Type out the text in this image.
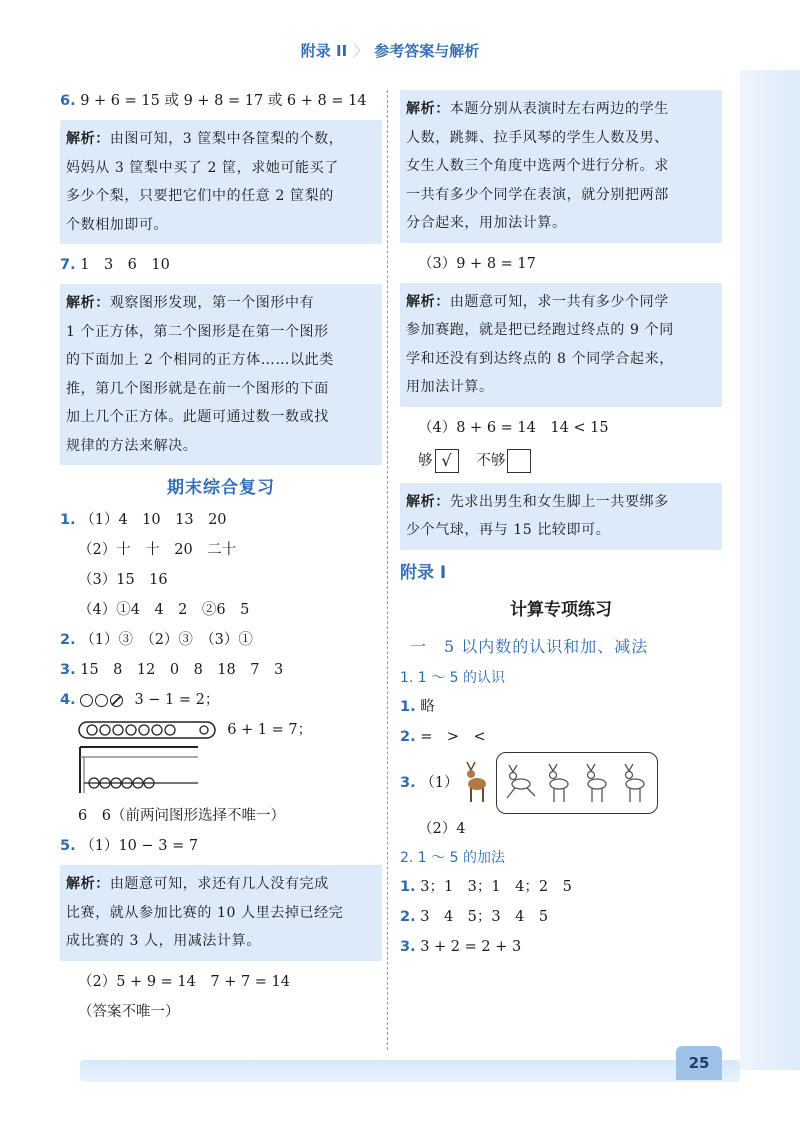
附录 II 〉 参考答案与解析
6. 9 + 6 = 15 或 9 + 8 = 17 或 6 + 8 = 14
解析：由图可知，3 筐梨中各筐梨的个数，
妈妈从 3 筐梨中买了 2 筐，求她可能买了
多少个梨，只要把它们中的任意 2 筐梨的
个数相加即可。
7. 1　3　6　10
解析：观察图形发现，第一个图形中有
1 个正方体，第二个图形是在第一个图形
的下面加上 2 个相同的正方体……以此类
推，第几个图形就是在前一个图形的下面
加上几个正方体。此题可通过数一数或找
规律的方法来解决。
期末综合复习
1. （1）4　10　13　20
（2）十　十　20　二十
（3）15　16
（4）①4　4　2　②6　5
2. （1）③　（2）③　（3）①
3. 15　8　12　0　8　18　7　3
4.	3 − 1 = 2；
6 + 1 = 7；
6　6（前两问图形选择不唯一）
5. （1）10 − 3 = 7
解析：由题意可知，求还有几人没有完成
比赛，就从参加比赛的 10 人里去掉已经完
成比赛的 3 人，用减法计算。
（2）5 + 9 = 14　7 + 7 = 14
（答案不唯一）
解析：本题分别从表演时左右两边的学生
人数，跳舞、拉手风琴的学生人数及男、
女生人数三个角度中选两个进行分析。求
一共有多少个同学在表演，就分别把两部
分合起来，用加法计算。
（3）9 + 8 = 17
解析：由题意可知，求一共有多少个同学
参加赛跑，就是把已经跑过终点的 9 个同
学和还没有到达终点的 8 个同学合起来，
用加法计算。
（4）8 + 6 = 14　14 < 15
够 √ 不够
解析：先求出男生和女生脚上一共要绑多
少个气球，再与 15 比较即可。
附录 I
计算专项练习
一　5 以内数的认识和加、减法
1. 1 ～ 5 的认识
1. 略
2. =　>　<
3. （1）
（2）4
2. 1 ～ 5 的加法
1. 3；1　3；1　4；2　5
2. 3　4　5；3　4　5
3. 3 + 2 = 2 + 3
25
